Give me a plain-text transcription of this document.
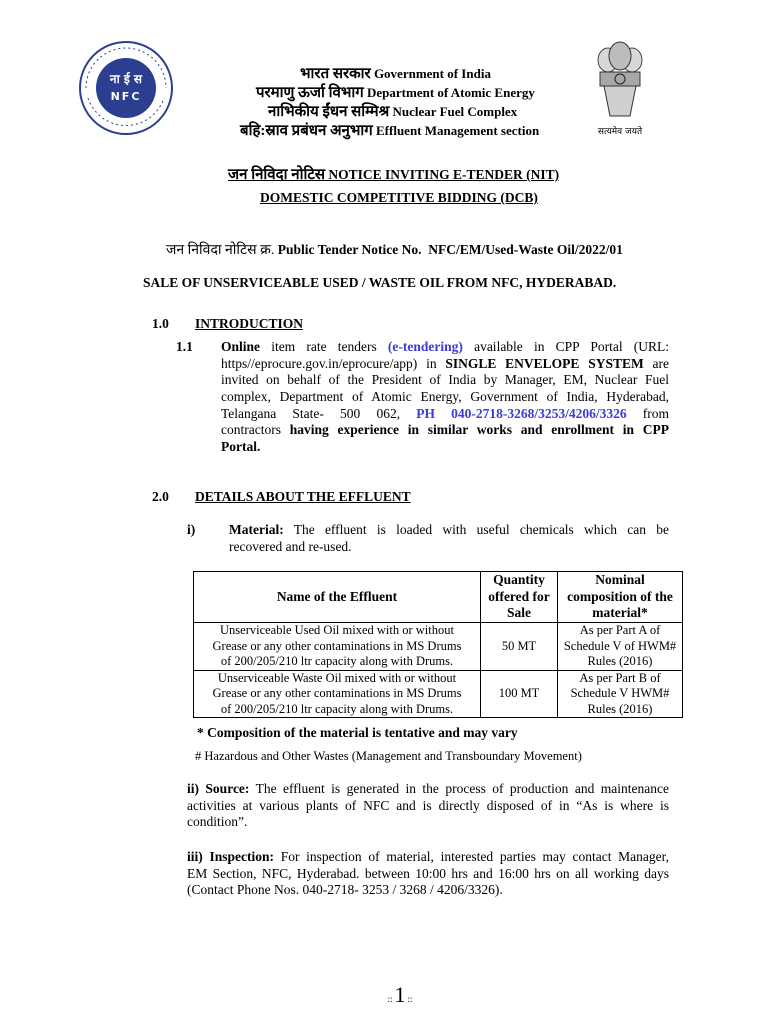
ना ई स
NFC
भारत सरकार Government of India
परमाणु ऊर्जा विभाग Department of Atomic Energy
नाभिकीय ईंधन सम्मिश्र Nuclear Fuel Complex
बहि:स्राव प्रबंधन अनुभाग Effluent Management section	सत्यमेव जयते
जन निविदा नोटिस NOTICE INVITING E-TENDER (NIT)
DOMESTIC COMPETITIVE BIDDING (DCB)
जन निविदा नोटिस क्र. Public Tender Notice No. NFC/EM/Used-Waste Oil/2022/01
SALE OF UNSERVICEABLE USED / WASTE OIL FROM NFC, HYDERABAD.
1.0 INTRODUCTION
1.1 Online item rate tenders (e-tendering) available in CPP Portal (URL:
https//eprocure.gov.in/eprocure/app) in SINGLE ENVELOPE SYSTEM are
invited on behalf of the President of India by Manager, EM, Nuclear Fuel
complex, Department of Atomic Energy, Government of India, Hyderabad,
Telangana State- 500 062, PH 040-2718-3268/3253/4206/3326 from
contractors having experience in similar works and enrollment in CPP
Portal.
2.0 DETAILS ABOUT THE EFFLUENT
i)	Material: The effluent is loaded with useful chemicals which can be
recovered and re-used.
Name of the Effluent	Quantity
offered for
Sale	Nominal
composition of the
material*
Unserviceable Used Oil mixed with or without
Grease or any other contaminations in MS Drums
of 200/205/210 ltr capacity along with Drums.	50 MT	As per Part A of
Schedule V of HWM#
Rules (2016)
Unserviceable Waste Oil mixed with or without
Grease or any other contaminations in MS Drums
of 200/205/210 ltr capacity along with Drums.	100 MT	As per Part B of
Schedule V HWM#
Rules (2016)
* Composition of the material is tentative and may vary
# Hazardous and Other Wastes (Management and Transboundary Movement)
ii) Source: The effluent is generated in the process of production and maintenance
activities at various plants of NFC and is directly disposed of in “As is where is
condition”.
iii) Inspection: For inspection of material, interested parties may contact Manager,
EM Section, NFC, Hyderabad. between 10:00 hrs and 16:00 hrs on all working days
(Contact Phone Nos. 040-2718- 3253 / 3268 / 4206/3326).
::1 ::
